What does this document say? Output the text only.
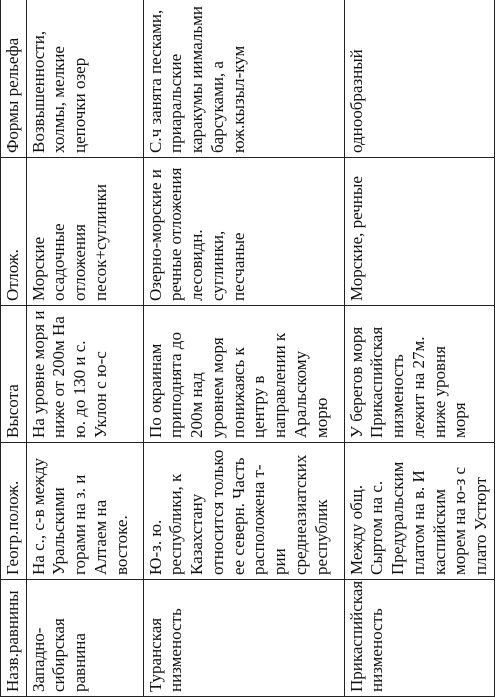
Назв.равнины	Геогр.полож.	Высота	Отлож.	Формы рельефа
Западно-сибирская равнина	На с., с-в между Уральскими горами на з. и Алтаем на востоке.	На уровне моря и ниже от 200м На ю. до 130 и с. Уклон с ю-с	Морские осадочные отложения песок+суглинки	Возвышенности, холмы, мелкие цепочки озер
Туранская низменость	Ю-з. ю. республики, к Казахстану относится только ее северн. Часть расположена т-рии среднеазиатских республик	По окраинам приподнята до 200м над уровнем моря понижаясь к центру в направлении к Аральскому морю	Озерно-морские и речные отложения лесовидн. суглинки, песчаные	С.ч занята песками, приаральские каракумы иимальми барсуками, а юж.кызыл-кум
Прикаспийская низменость	Между общ. Сыртом на с. Предуральским платом на в. И каспийским морем на ю-з с плато Устюрт	У берегов моря Прикаспийская низменость лежит на 27м. ниже уровня моря	Морские, речные	однообразный
